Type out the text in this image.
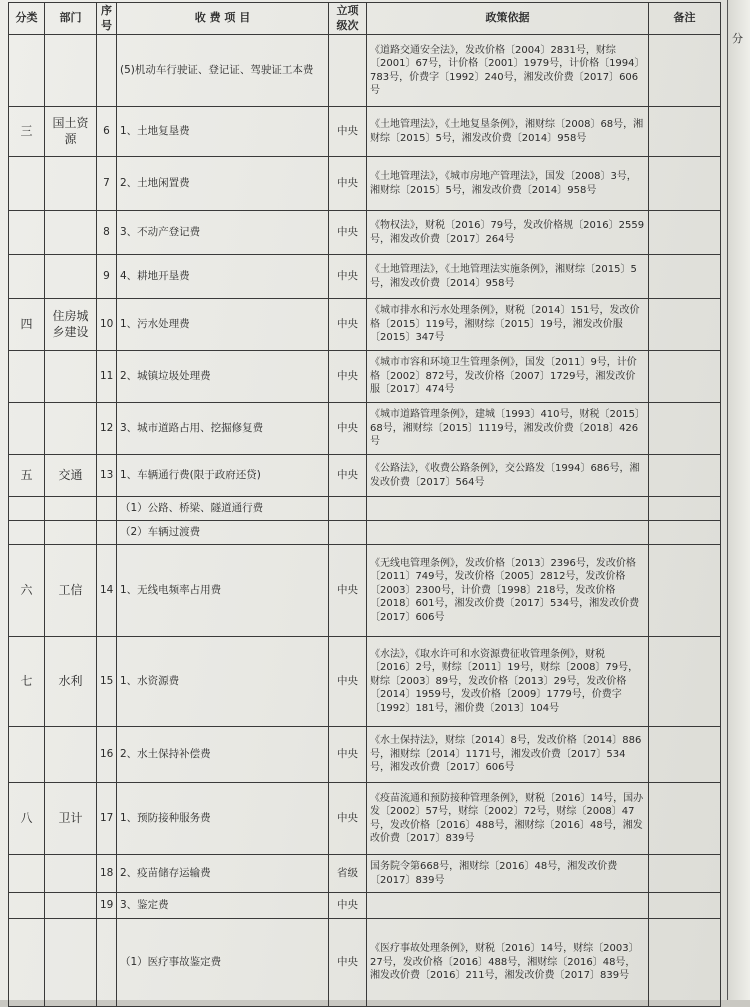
分
分类	部门	序号	收 费 项 目	立项级次	政策依据	备注
			(5)机动车行驶证、登记证、驾驶证工本费		《道路交通安全法》，发改价格〔2004〕2831号，财综〔2001〕67号，计价格〔2001〕1979号，计价格〔1994〕783号，价费字〔1992〕240号，湘发改价费〔2017〕606号	
三	国土资源	6	1、土地复垦费	中央	《土地管理法》，《土地复垦条例》，湘财综〔2008〕68号，湘财综〔2015〕5号，湘发改价费〔2014〕958号	
		7	2、土地闲置费	中央	《土地管理法》，《城市房地产管理法》，国发〔2008〕3号，湘财综〔2015〕5号，湘发改价费〔2014〕958号	
		8	3、不动产登记费	中央	《物权法》，财税〔2016〕79号，发改价格规〔2016〕2559号，湘发改价费〔2017〕264号	
		9	4、耕地开垦费	中央	《土地管理法》，《土地管理法实施条例》，湘财综〔2015〕5号，湘发改价费〔2014〕958号	
四	住房城乡建设	10	1、污水处理费	中央	《城市排水和污水处理条例》，财税〔2014〕151号，发改价格〔2015〕119号，湘财综〔2015〕19号，湘发改价服〔2015〕347号	
		11	2、城镇垃圾处理费	中央	《城市市容和环境卫生管理条例》，国发〔2011〕9号，计价格〔2002〕872号，发改价格〔2007〕1729号，湘发改价服〔2017〕474号	
		12	3、城市道路占用、挖掘修复费	中央	《城市道路管理条例》，建城〔1993〕410号，财税〔2015〕68号，湘财综〔2015〕1119号，湘发改价费〔2018〕426号	
五	交通	13	1、车辆通行费(限于政府还贷)	中央	《公路法》，《收费公路条例》，交公路发〔1994〕686号，湘发改价费〔2017〕564号	
			（1）公路、桥梁、隧道通行费			
			（2）车辆过渡费			
六	工信	14	1、无线电频率占用费	中央	《无线电管理条例》，发改价格〔2013〕2396号，发改价格〔2011〕749号，发改价格〔2005〕2812号，发改价格〔2003〕2300号，计价费〔1998〕218号，发改价格〔2018〕601号，湘发改价费〔2017〕534号，湘发改价费〔2017〕606号	
七	水利	15	1、水资源费	中央	《水法》，《取水许可和水资源费征收管理条例》，财税〔2016〕2号，财综〔2011〕19号，财综〔2008〕79号，财综〔2003〕89号，发改价格〔2013〕29号，发改价格〔2014〕1959号，发改价格〔2009〕1779号，价费字〔1992〕181号，湘价费〔2013〕104号	
		16	2、水土保持补偿费	中央	《水土保持法》，财综〔2014〕8号，发改价格〔2014〕886号，湘财综〔2014〕1171号，湘发改价费〔2017〕534号，湘发改价费〔2017〕606号	
八	卫计	17	1、预防接种服务费	中央	《疫苗流通和预防接种管理条例》，财税〔2016〕14号，国办发〔2002〕57号，财综〔2002〕72号，财综〔2008〕47号，发改价格〔2016〕488号，湘财综〔2016〕48号，湘发改价费〔2017〕839号	
		18	2、疫苗储存运输费	省级	国务院令第668号，湘财综〔2016〕48号，湘发改价费〔2017〕839号	
		19	3、鉴定费	中央		
			（1）医疗事故鉴定费	中央	《医疗事故处理条例》，财税〔2016〕14号，财综〔2003〕27号，发改价格〔2016〕488号，湘财综〔2016〕48号，湘发改价费〔2016〕211号，湘发改价费〔2017〕839号	
